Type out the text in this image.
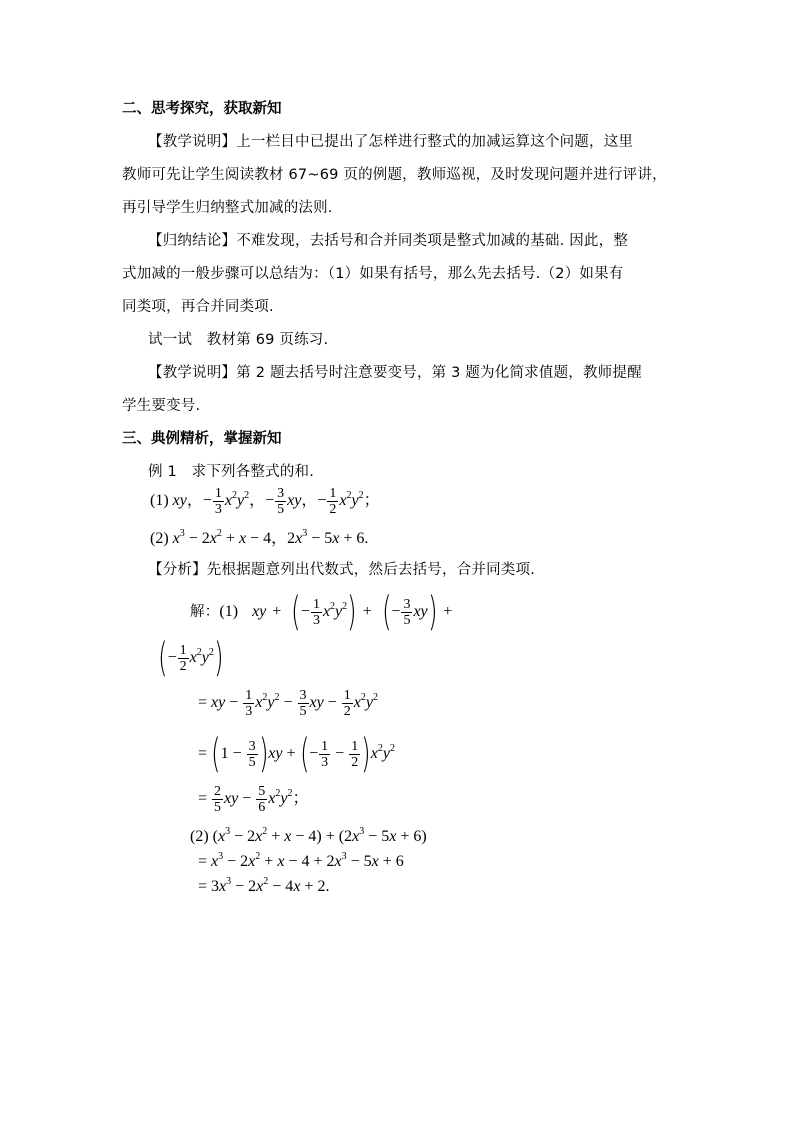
二、思考探究，获取新知
【教学说明】上一栏目中已提出了怎样进行整式的加减运算这个问题，这里
教师可先让学生阅读教材 67~69 页的例题，教师巡视，及时发现问题并进行评讲，
再引导学生归纳整式加减的法则.
【归纳结论】不难发现，去括号和合并同类项是整式加减的基础. 因此，整
式加减的一般步骤可以总结为：（1）如果有括号，那么先去括号.（2）如果有
同类项，再合并同类项.
试一试　教材第 69 页练习.
【教学说明】第 2 题去括号时注意要变号，第 3 题为化简求值题，教师提醒
学生要变号.
三、典例精析，掌握新知
例 1　求下列各整式的和.
(1) xy，− $\frac{1}{3} x^2y^2$，− $\frac{3}{5}$ xy，− $\frac{1}{2} x^2y^2$；
(2) $x^3 - 2x^2 + x - 4$，$2x^3 - 5x + 6$.
【分析】先根据题意列出代数式，然后去括号，合并同类项.
解：(1) xy + (− $\frac{1}{3} x^2y^2$) + (− $\frac{3}{5} xy$) +
(− $\frac{1}{2} x^2y^2$)
= xy − $\frac{1}{3} x^2y^2 - \frac{3}{5}$ xy − $\frac{1}{2} x^2y^2$
= $(1 - \frac{3}{5} )xy$ + (− $\frac{1}{3} - \frac{1}{2} )x^2y^2$
= $\frac{2}{5}$ xy − $\frac{5}{6} x^2y^2$；
(2) $(x^3 - 2x^2 + x - 4) + (2x^3 - 5x + 6)$
= $x^3 - 2x^2 + x - 4 + 2x^3 - 5x + 6$
= $3x^3 - 2x^2 - 4x + 2$.
